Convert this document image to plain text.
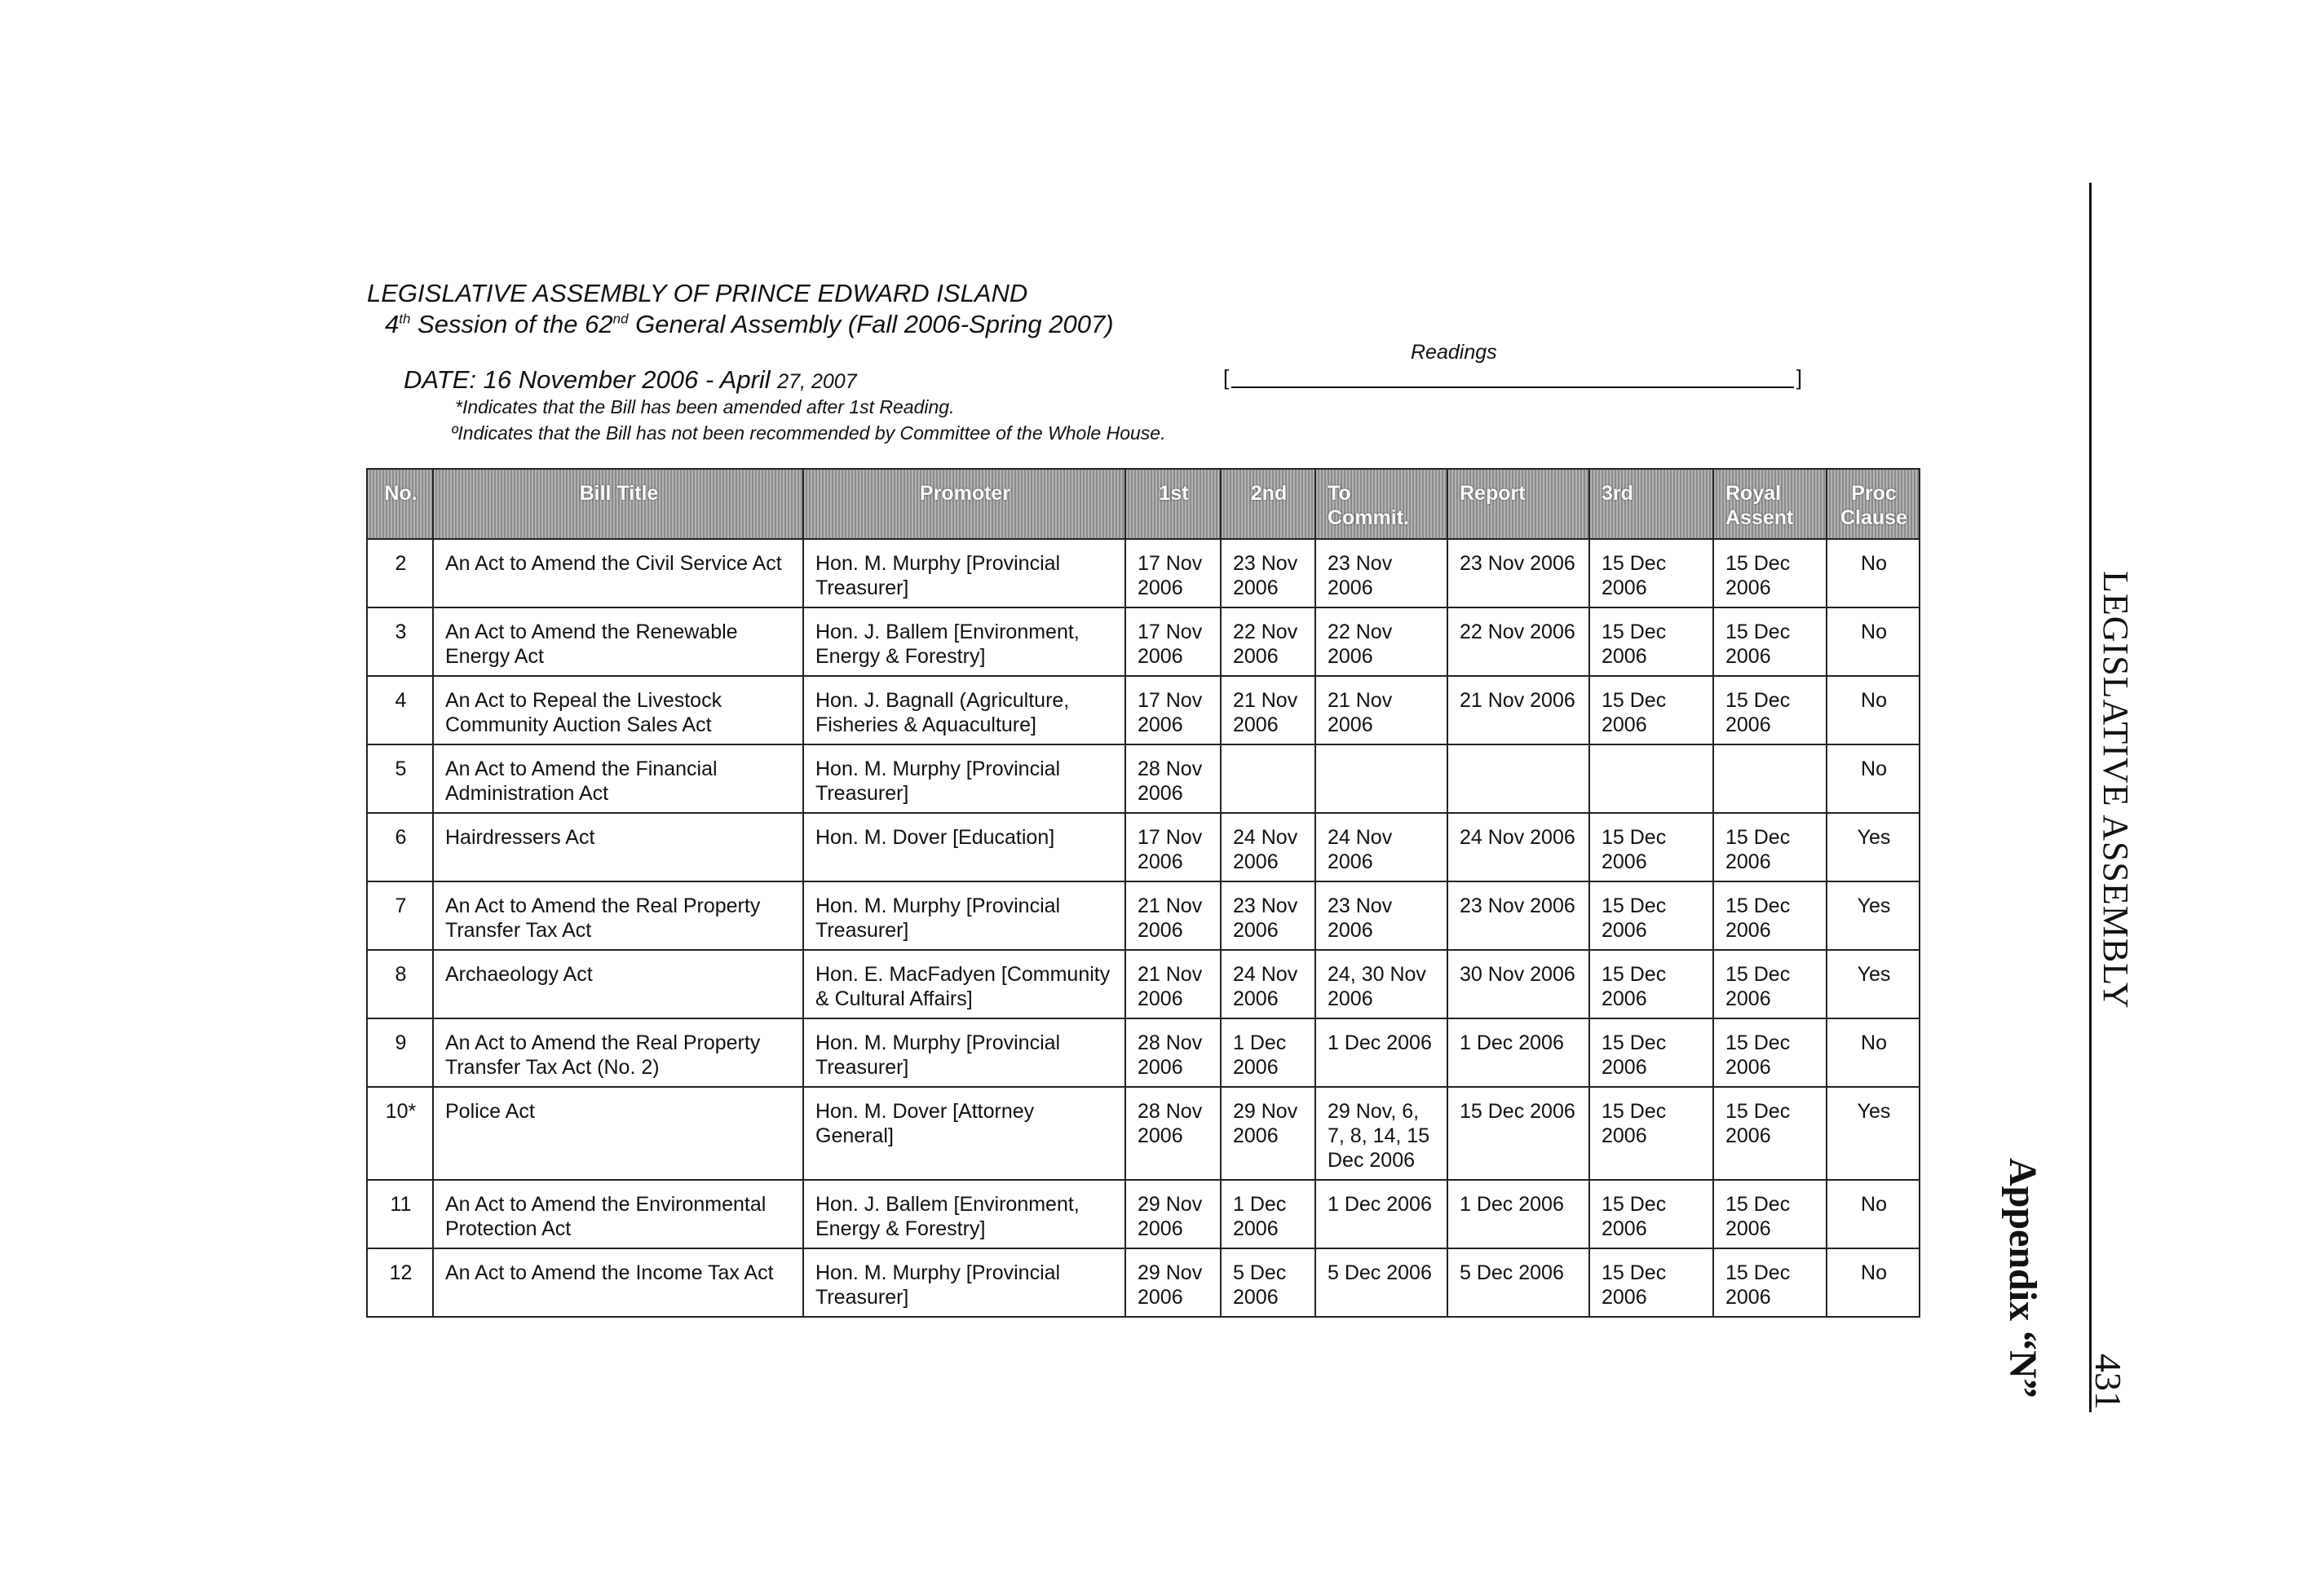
LEGISLATIVE ASSEMBLY OF PRINCE EDWARD ISLAND
4th Session of the 62nd General Assembly (Fall 2006-Spring 2007)
DATE: 16 November 2006 - April 27, 2007
*Indicates that the Bill has been amended after 1st Reading.
ºIndicates that the Bill has not been recommended by Committee of the Whole House.
Readings
[	]
No.	Bill Title	Promoter	1st	2nd	To Commit.	Report	3rd	Royal Assent	Proc Clause
2	An Act to Amend the Civil Service Act	Hon. M. Murphy [Provincial Treasurer]	17 Nov 2006	23 Nov 2006	23 Nov 2006	23 Nov 2006	15 Dec 2006	15 Dec 2006	No
3	An Act to Amend the Renewable Energy Act	Hon. J. Ballem [Environment, Energy & Forestry]	17 Nov 2006	22 Nov 2006	22 Nov 2006	22 Nov 2006	15 Dec 2006	15 Dec 2006	No
4	An Act to Repeal the Livestock Community Auction Sales Act	Hon. J. Bagnall (Agriculture, Fisheries & Aquaculture]	17 Nov 2006	21 Nov 2006	21 Nov 2006	21 Nov 2006	15 Dec 2006	15 Dec 2006	No
5	An Act to Amend the Financial Administration Act	Hon. M. Murphy [Provincial Treasurer]	28 Nov 2006						No
6	Hairdressers Act	Hon. M. Dover [Education]	17 Nov 2006	24 Nov 2006	24 Nov 2006	24 Nov 2006	15 Dec 2006	15 Dec 2006	Yes
7	An Act to Amend the Real Property Transfer Tax Act	Hon. M. Murphy [Provincial Treasurer]	21 Nov 2006	23 Nov 2006	23 Nov 2006	23 Nov 2006	15 Dec 2006	15 Dec 2006	Yes
8	Archaeology Act	Hon. E. MacFadyen [Community & Cultural Affairs]	21 Nov 2006	24 Nov 2006	24, 30 Nov 2006	30 Nov 2006	15 Dec 2006	15 Dec 2006	Yes
9	An Act to Amend the Real Property Transfer Tax Act (No. 2)	Hon. M. Murphy [Provincial Treasurer]	28 Nov 2006	1 Dec 2006	1 Dec 2006	1 Dec 2006	15 Dec 2006	15 Dec 2006	No
10*	Police Act	Hon. M. Dover [Attorney General]	28 Nov 2006	29 Nov 2006	29 Nov, 6, 7, 8, 14, 15 Dec 2006	15 Dec 2006	15 Dec 2006	15 Dec 2006	Yes
11	An Act to Amend the Environmental Protection Act	Hon. J. Ballem [Environment, Energy & Forestry]	29 Nov 2006	1 Dec 2006	1 Dec 2006	1 Dec 2006	15 Dec 2006	15 Dec 2006	No
12	An Act to Amend the Income Tax Act	Hon. M. Murphy [Provincial Treasurer]	29 Nov 2006	5 Dec 2006	5 Dec 2006	5 Dec 2006	15 Dec 2006	15 Dec 2006	No
LEGISLATIVE ASSEMBLY
Appendix “N” 431
